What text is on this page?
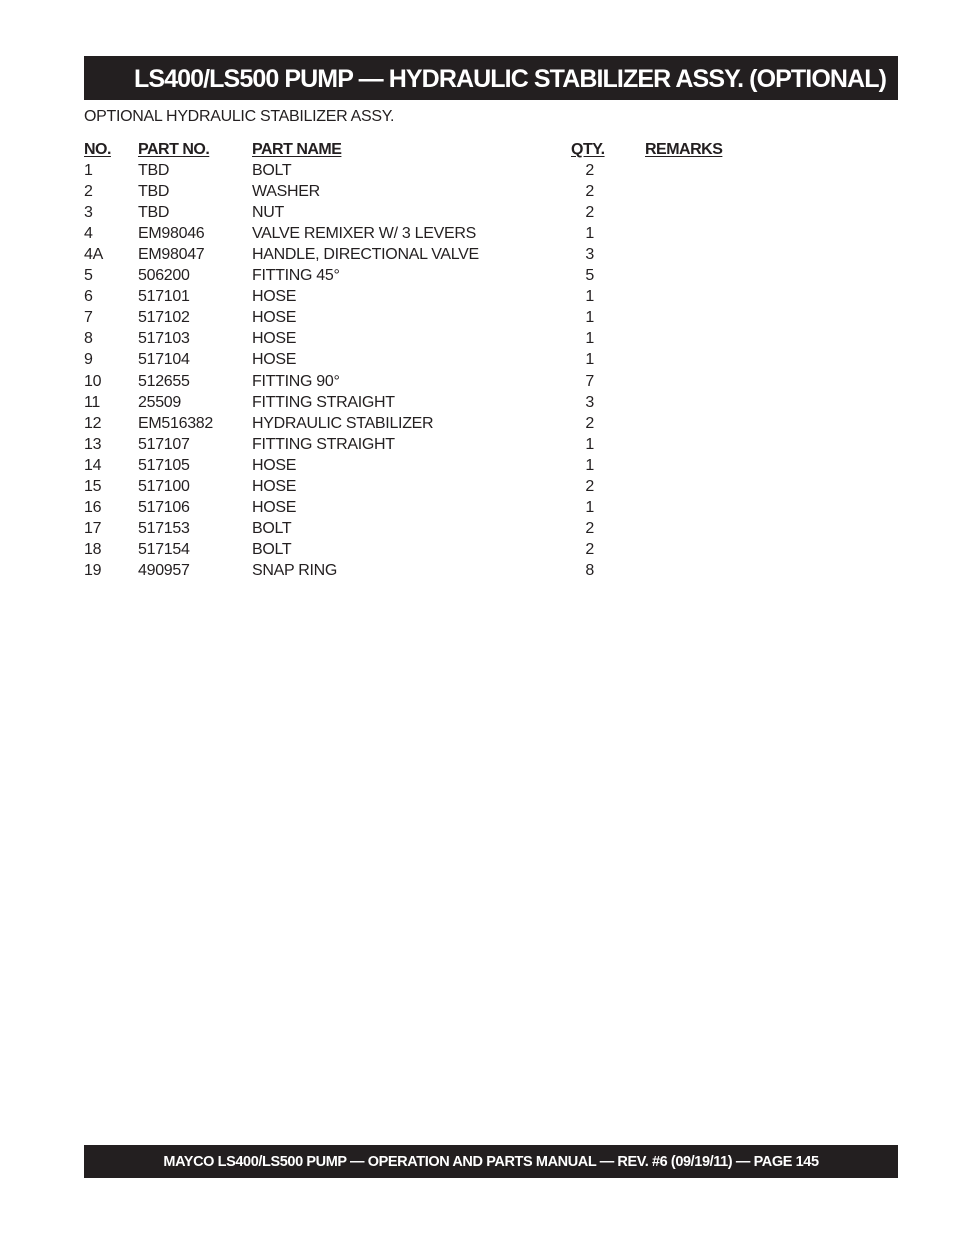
LS400/LS500 PUMP — HYDRAULIC STABILIZER ASSY. (OPTIONAL)
OPTIONAL HYDRAULIC STABILIZER ASSY.
NO. PART NO.	PART NAME	QTY.	REMARKS
1	TBD	BOLT	2
2	TBD	WASHER	2
3	TBD	NUT	2
4	EM98046	VALVE REMIXER W/ 3 LEVERS	1
4A EM98047	HANDLE, DIRECTIONAL VALVE	3
5	506200	FITTING 45°	5
6	517101	HOSE	1
7	517102	HOSE	1
8	517103	HOSE	1
9	517104	HOSE	1
10 512655	FITTING 90°	7
11 25509	FITTING STRAIGHT	3
12 EM516382 HYDRAULIC STABILIZER	2
13 517107	FITTING STRAIGHT	1
14 517105	HOSE	1
15 517100	HOSE	2
16 517106	HOSE	1
17 517153	BOLT	2
18 517154	BOLT	2
19 490957	SNAP RING	8
MAYCO LS400/LS500 PUMP — OPERATION AND PARTS MANUAL — REV. #6 (09/19/11) — PAGE 145
